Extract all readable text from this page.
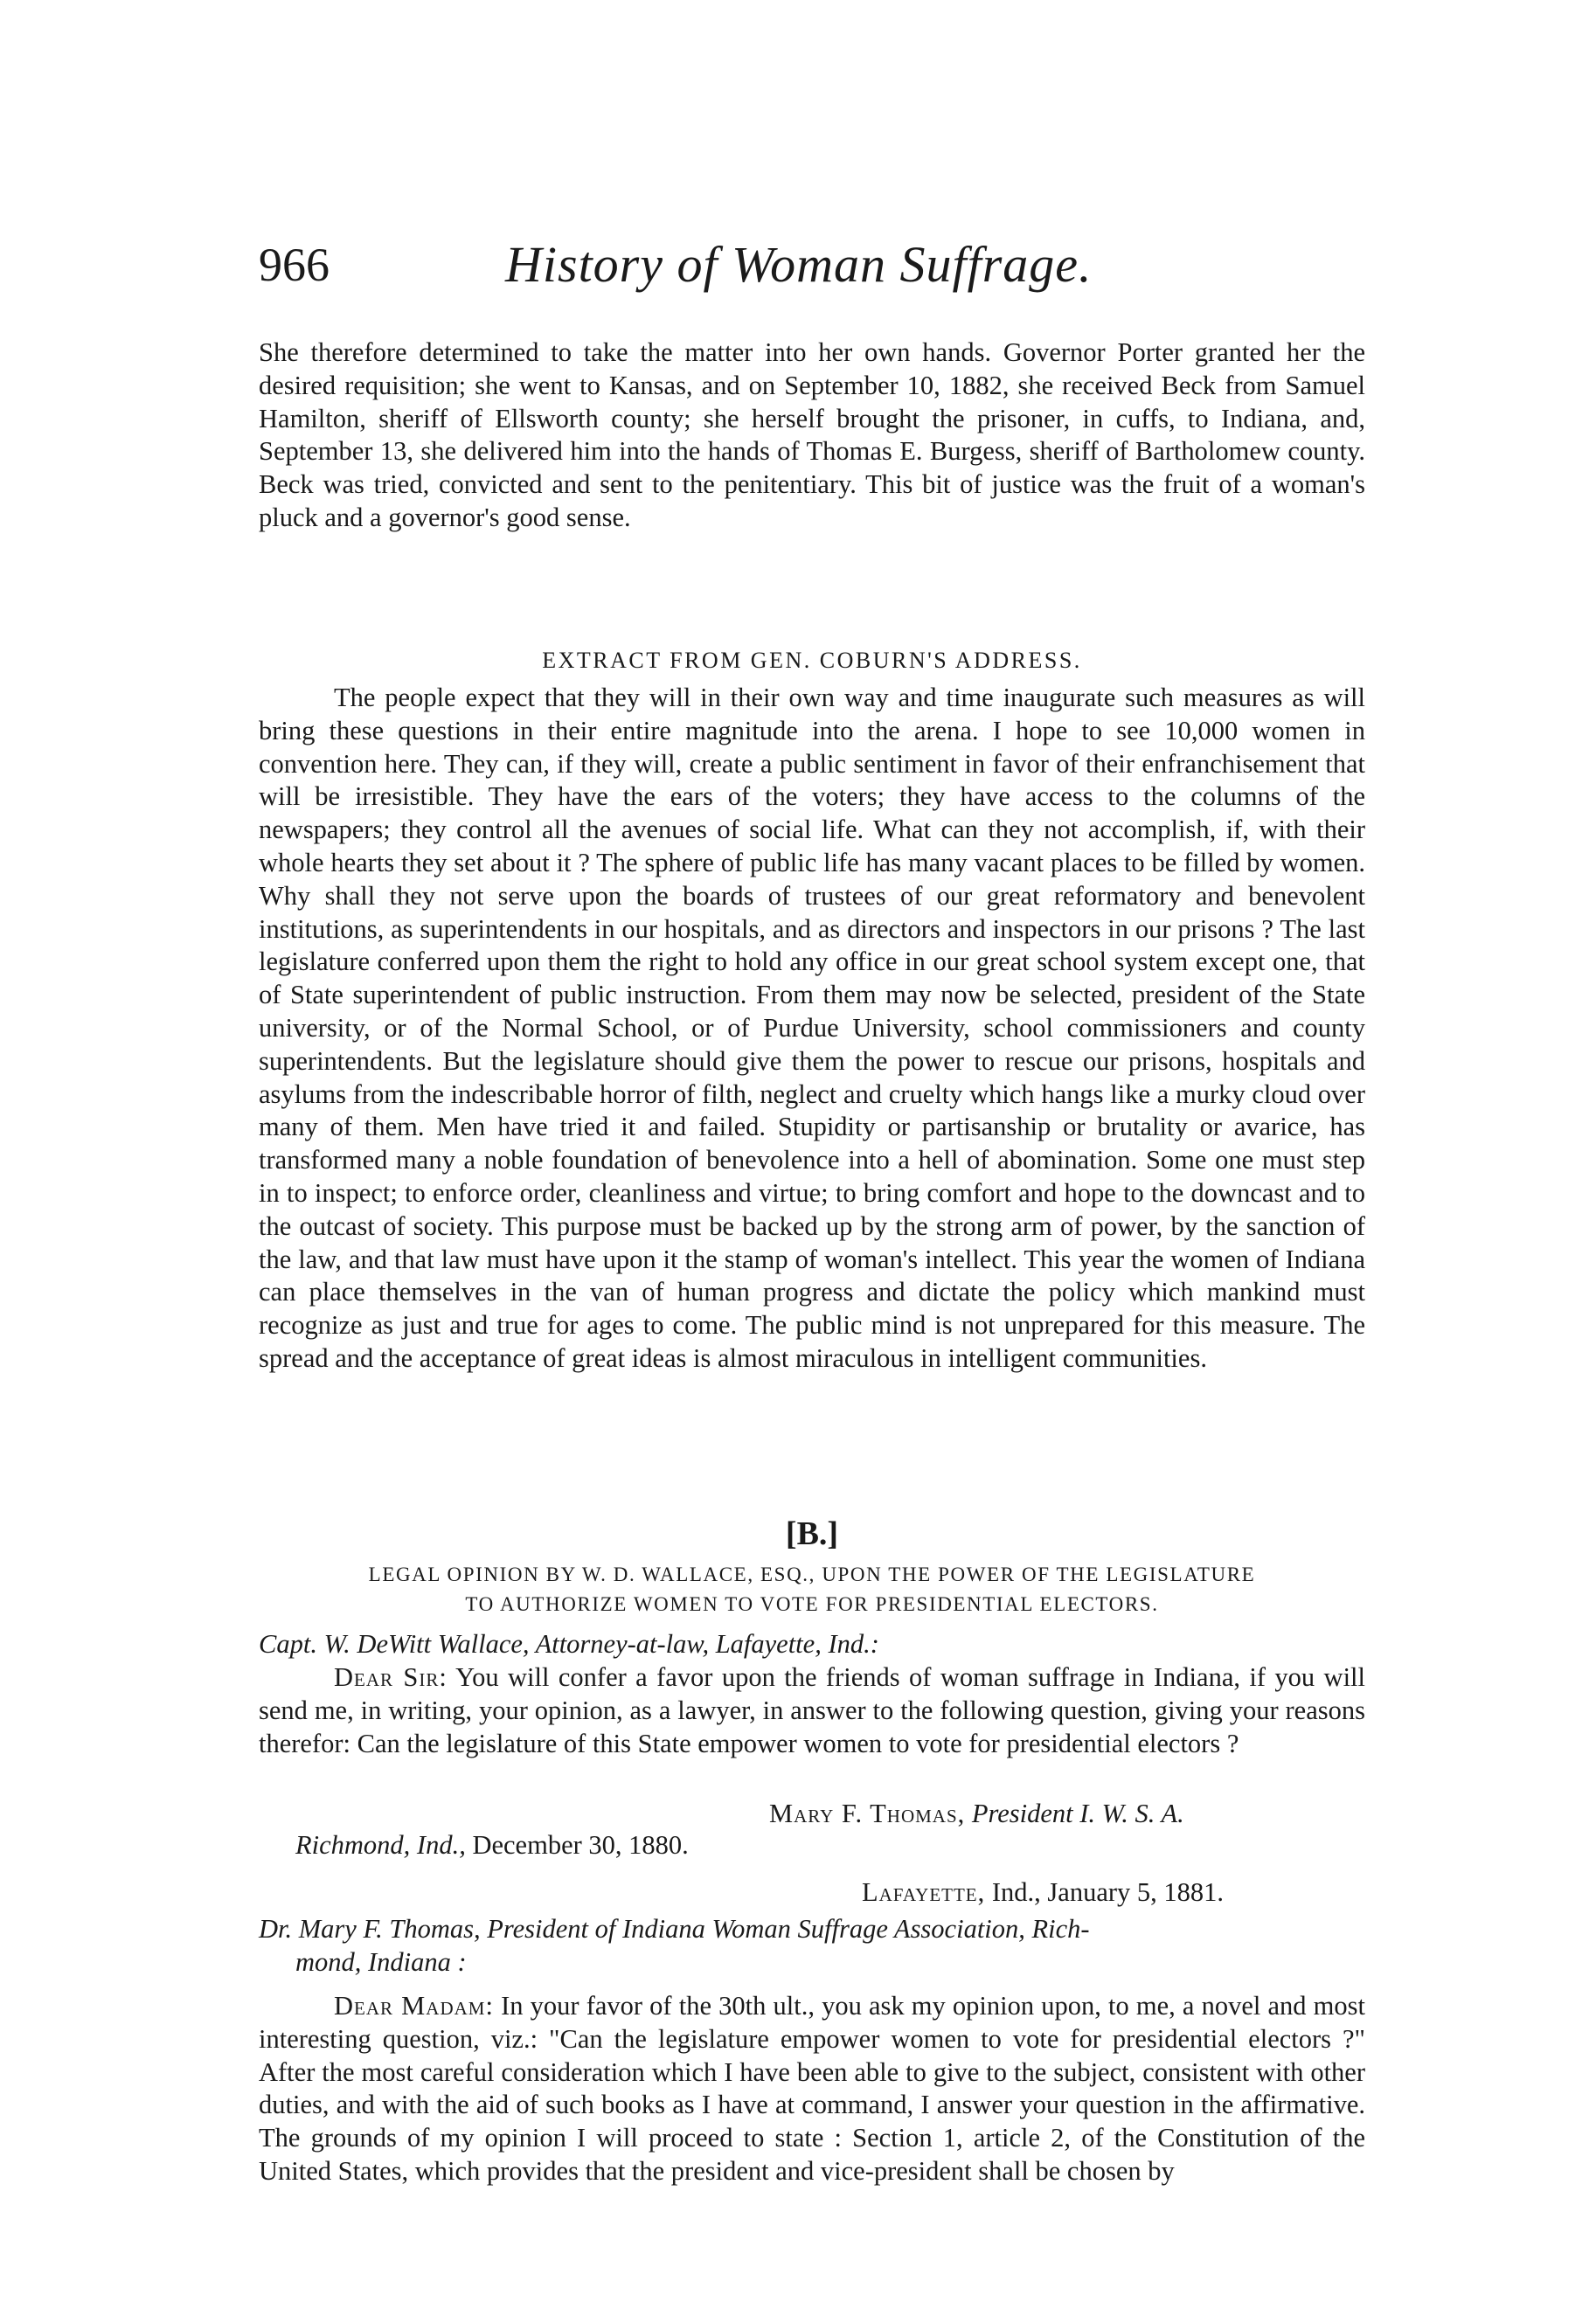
966	History of Woman Suffrage.

She therefore determined to take the matter into her own hands. Governor Porter granted her the desired requisition; she went to Kansas, and on September 10, 1882, she received Beck from Samuel Hamilton, sheriff of Ellsworth county; she herself brought the prisoner, in cuffs, to Indiana, and, September 13, she delivered him into the hands of Thomas E. Burgess, sheriff of Bartholomew county. Beck was tried, convicted and sent to the penitentiary. This bit of justice was the fruit of a woman's pluck and a governor's good sense.

EXTRACT FROM GEN. COBURN'S ADDRESS.

The people expect that they will in their own way and time inaugurate such measures as will bring these questions in their entire magnitude into the arena. I hope to see 10,000 women in convention here. They can, if they will, create a public sentiment in favor of their enfranchisement that will be irresistible. They have the ears of the voters; they have access to the columns of the newspapers; they control all the avenues of social life. What can they not accomplish, if, with their whole hearts they set about it ? The sphere of public life has many vacant places to be filled by women. Why shall they not serve upon the boards of trustees of our great reformatory and benevolent institutions, as superintendents in our hospitals, and as directors and inspectors in our prisons ? The last legislature conferred upon them the right to hold any office in our great school system except one, that of State superintendent of public instruction. From them may now be selected, president of the State university, or of the Normal School, or of Purdue University, school commissioners and county superintendents. But the legislature should give them the power to rescue our prisons, hospitals and asylums from the indescribable horror of filth, neglect and cruelty which hangs like a murky cloud over many of them. Men have tried it and failed. Stupidity or partisanship or brutality or avarice, has transformed many a noble foundation of benevolence into a hell of abomination. Some one must step in to inspect; to enforce order, cleanliness and virtue; to bring comfort and hope to the downcast and to the outcast of society. This purpose must be backed up by the strong arm of power, by the sanction of the law, and that law must have upon it the stamp of woman's intellect. This year the women of Indiana can place themselves in the van of human progress and dictate the policy which mankind must recognize as just and true for ages to come. The public mind is not unprepared for this measure. The spread and the acceptance of great ideas is almost miraculous in intelligent communities.

[B.]
LEGAL OPINION BY W. D. WALLACE, ESQ., UPON THE POWER OF THE LEGISLATURE
TO AUTHORIZE WOMEN TO VOTE FOR PRESIDENTIAL ELECTORS.
Capt. W. DeWitt Wallace, Attorney-at-law, Lafayette, Ind.:

Dear Sir: You will confer a favor upon the friends of woman suffrage in Indiana, if you will send me, in writing, your opinion, as a lawyer, in answer to the following question, giving your reasons therefor: Can the legislature of this State empower women to vote for presidential electors ?

Mary F. Thomas, President I. W. S. A.
Richmond, Ind., December 30, 1880.
Lafayette, Ind., January 5, 1881.
Dr. Mary F. Thomas, President of Indiana Woman Suffrage Association, Rich-
mond, Indiana :

Dear Madam: In your favor of the 30th ult., you ask my opinion upon, to me, a novel and most interesting question, viz.: "Can the legislature empower women to vote for presidential electors ?" After the most careful consideration which I have been able to give to the subject, consistent with other duties, and with the aid of such books as I have at command, I answer your question in the affirmative. The grounds of my opinion I will proceed to state : Section 1, article 2, of the Constitution of the United States, which provides that the president and vice-president shall be chosen by
